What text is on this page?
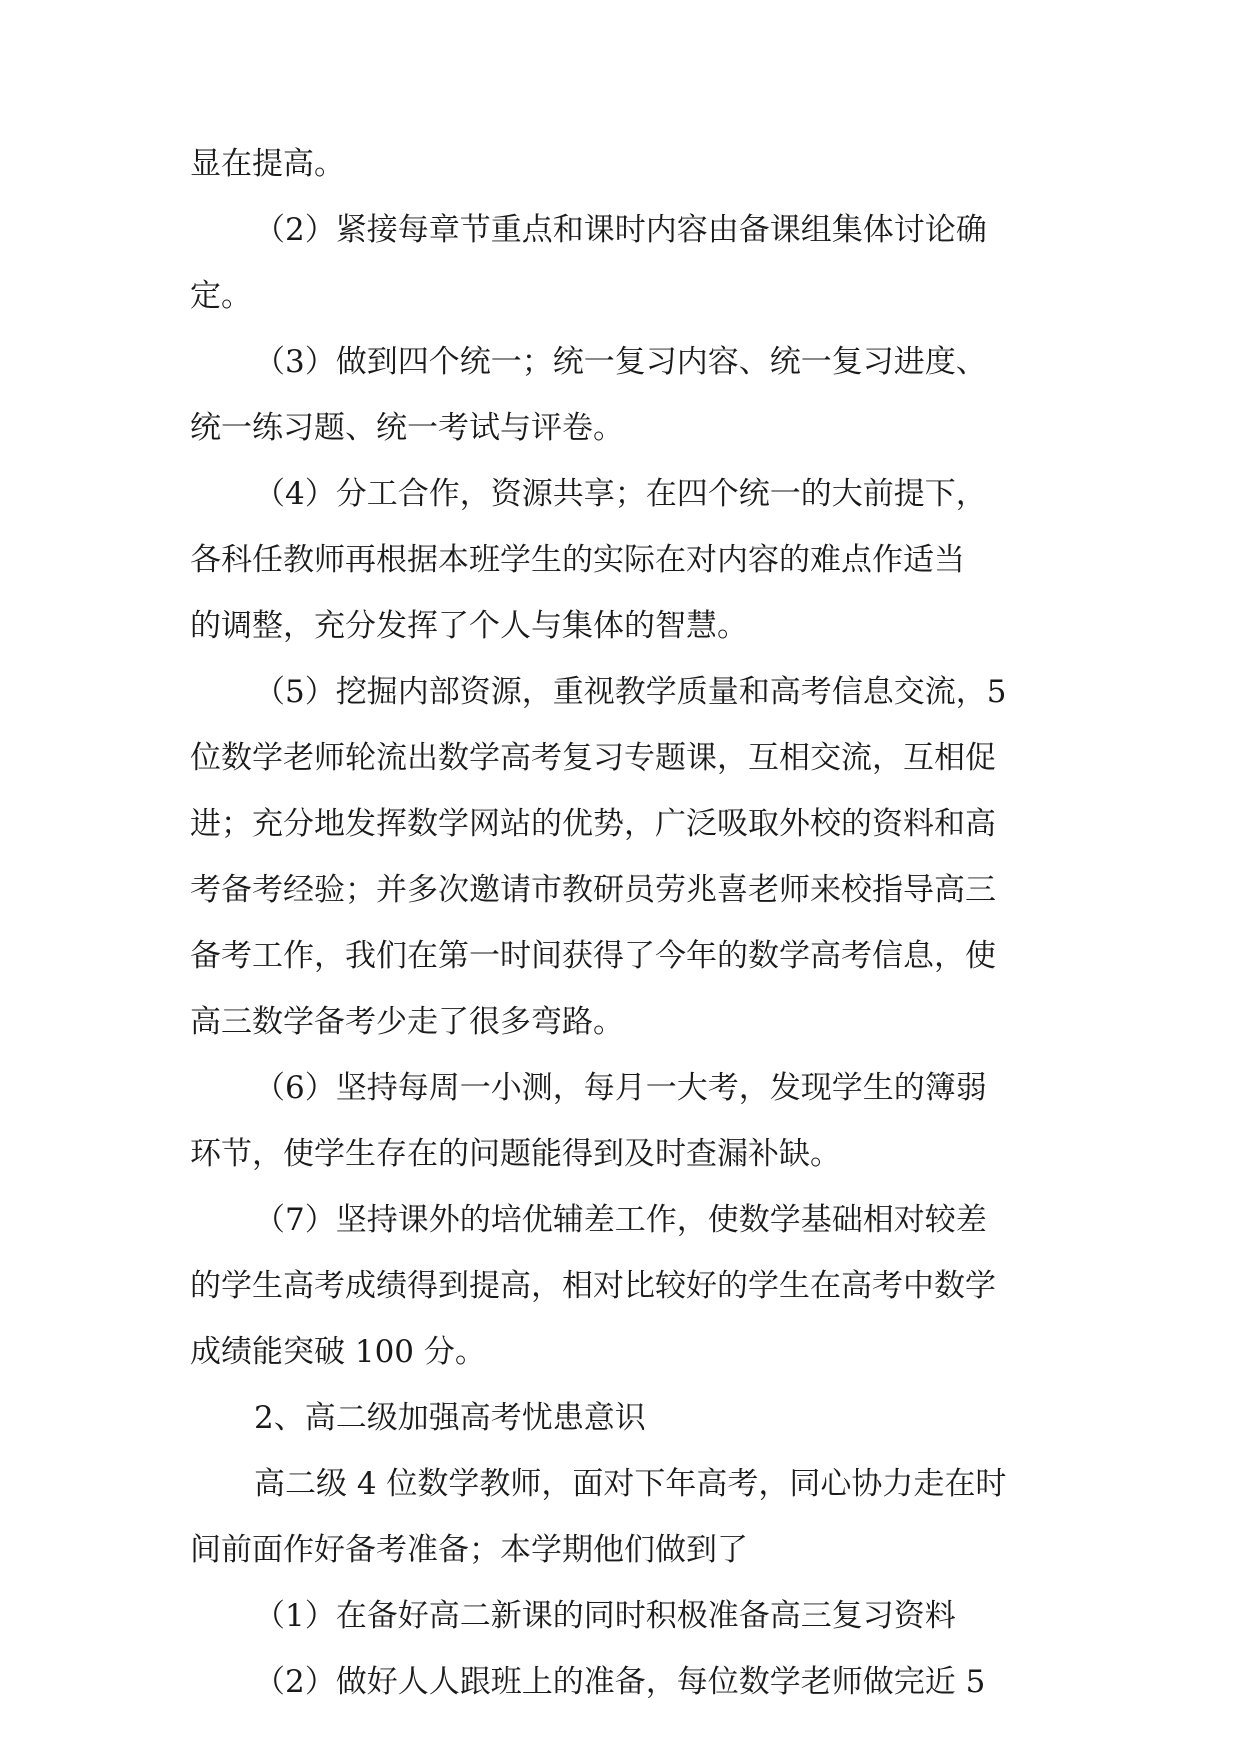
显在提高。
（2）紧接每章节重点和课时内容由备课组集体讨论确
定。
（3）做到四个统一；统一复习内容、统一复习进度、
统一练习题、统一考试与评卷。
（4）分工合作，资源共享；在四个统一的大前提下，
各科任教师再根据本班学生的实际在对内容的难点作适当
的调整，充分发挥了个人与集体的智慧。
（5）挖掘内部资源，重视教学质量和高考信息交流，5
位数学老师轮流出数学高考复习专题课，互相交流，互相促
进；充分地发挥数学网站的优势，广泛吸取外校的资料和高
考备考经验；并多次邀请市教研员劳兆喜老师来校指导高三
备考工作，我们在第一时间获得了今年的数学高考信息，使
高三数学备考少走了很多弯路。
（6）坚持每周一小测，每月一大考，发现学生的簿弱
环节，使学生存在的问题能得到及时查漏补缺。
（7）坚持课外的培优辅差工作，使数学基础相对较差
的学生高考成绩得到提高，相对比较好的学生在高考中数学
成绩能突破 100 分。
2、高二级加强高考忧患意识
高二级 4 位数学教师，面对下年高考，同心协力走在时
间前面作好备考准备；本学期他们做到了
（1）在备好高二新课的同时积极准备高三复习资料
（2）做好人人跟班上的准备，每位数学老师做完近 5
